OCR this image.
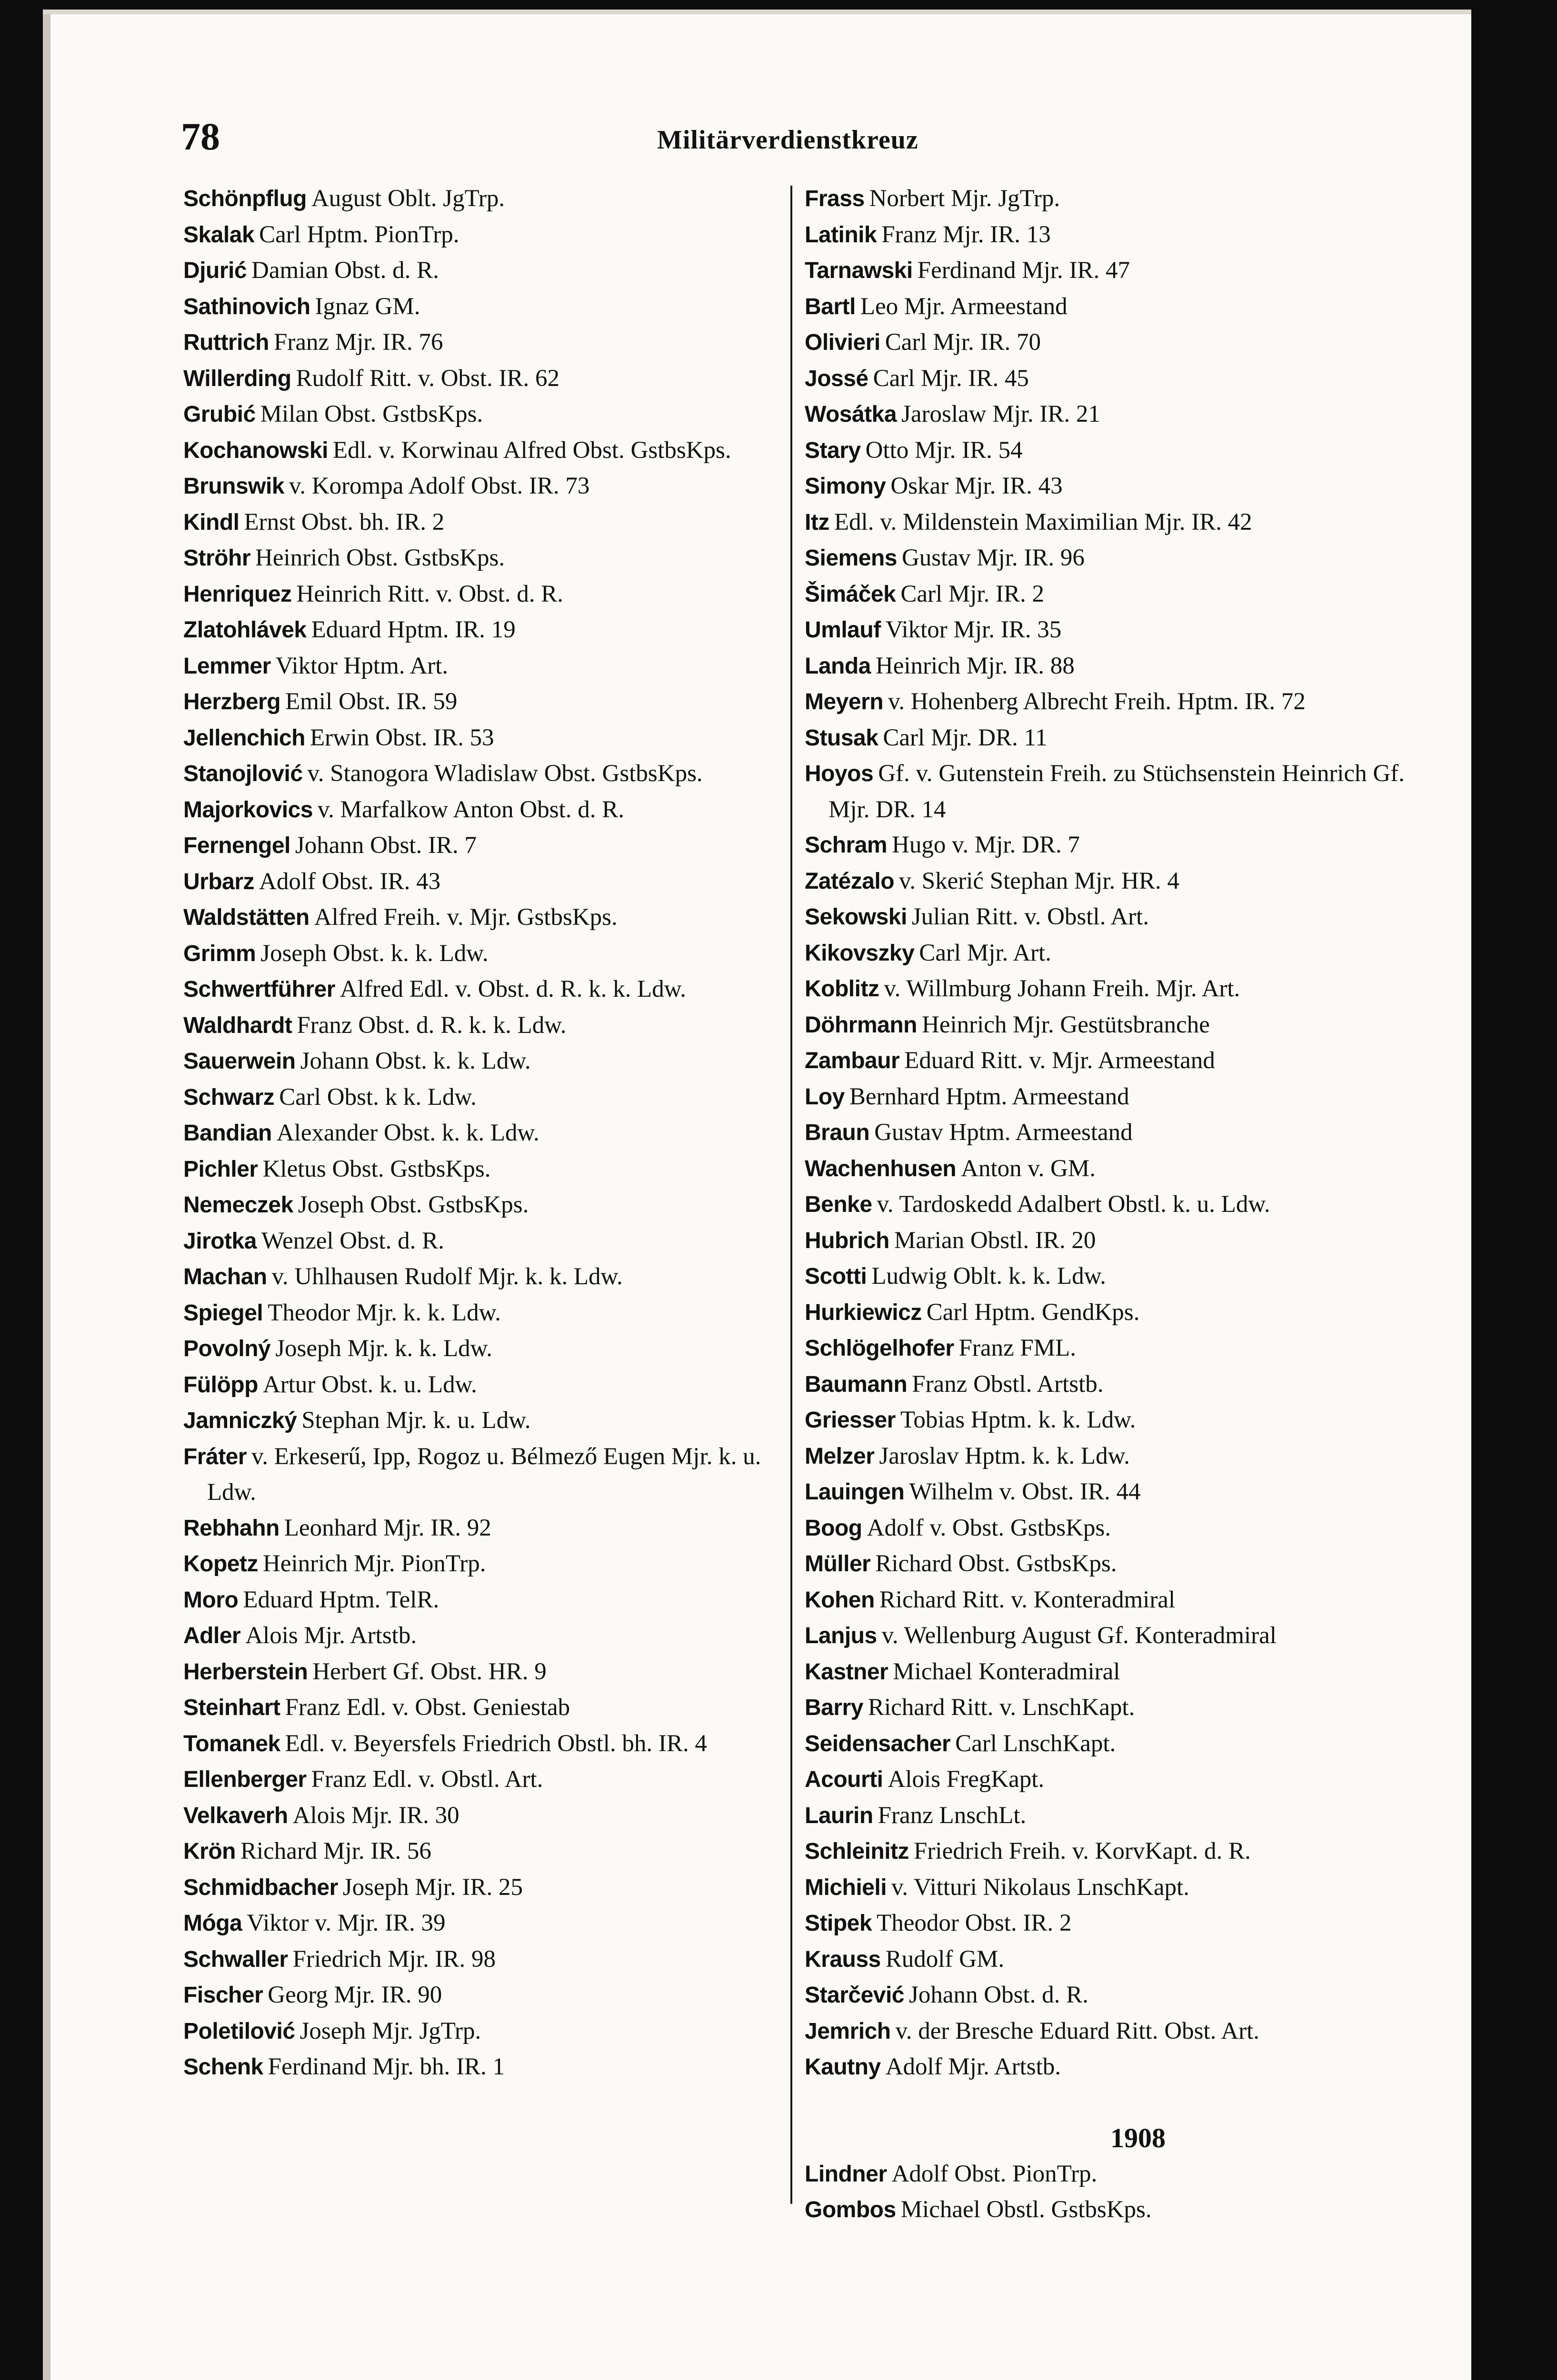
78	Militärverdienstkreuz
Schönpflug August Oblt. JgTrp.
Skalak Carl Hptm. PionTrp.
Djurić Damian Obst. d. R.
Sathinovich Ignaz GM.
Ruttrich Franz Mjr. IR. 76
Willerding Rudolf Ritt. v. Obst. IR. 62
Grubić Milan Obst. GstbsKps.
Kochanowski Edl. v. Korwinau Alfred Obst. GstbsKps.
Brunswik v. Korompa Adolf Obst. IR. 73
Kindl Ernst Obst. bh. IR. 2
Ströhr Heinrich Obst. GstbsKps.
Henriquez Heinrich Ritt. v. Obst. d. R.
Zlatohlávek Eduard Hptm. IR. 19
Lemmer Viktor Hptm. Art.
Herzberg Emil Obst. IR. 59
Jellenchich Erwin Obst. IR. 53
Stanojlović v. Stanogora Wladislaw Obst. GstbsKps.
Majorkovics v. Marfalkow Anton Obst. d. R.
Fernengel Johann Obst. IR. 7
Urbarz Adolf Obst. IR. 43
Waldstätten Alfred Freih. v. Mjr. GstbsKps.
Grimm Joseph Obst. k. k. Ldw.
Schwertführer Alfred Edl. v. Obst. d. R. k. k. Ldw.
Waldhardt Franz Obst. d. R. k. k. Ldw.
Sauerwein Johann Obst. k. k. Ldw.
Schwarz Carl Obst. k k. Ldw.
Bandian Alexander Obst. k. k. Ldw.
Pichler Kletus Obst. GstbsKps.
Nemeczek Joseph Obst. GstbsKps.
Jirotka Wenzel Obst. d. R.
Machan v. Uhlhausen Rudolf Mjr. k. k. Ldw.
Spiegel Theodor Mjr. k. k. Ldw.
Povolný Joseph Mjr. k. k. Ldw.
Fülöpp Artur Obst. k. u. Ldw.
Jamniczký Stephan Mjr. k. u. Ldw.
Fráter v. Erkeserű, Ipp, Rogoz u. Bélmező Eugen Mjr. k. u. Ldw.
Rebhahn Leonhard Mjr. IR. 92
Kopetz Heinrich Mjr. PionTrp.
Moro Eduard Hptm. TelR.
Adler Alois Mjr. Artstb.
Herberstein Herbert Gf. Obst. HR. 9
Steinhart Franz Edl. v. Obst. Geniestab
Tomanek Edl. v. Beyersfels Friedrich Obstl. bh. IR. 4
Ellenberger Franz Edl. v. Obstl. Art.
Velkaverh Alois Mjr. IR. 30
Krön Richard Mjr. IR. 56
Schmidbacher Joseph Mjr. IR. 25
Móga Viktor v. Mjr. IR. 39
Schwaller Friedrich Mjr. IR. 98
Fischer Georg Mjr. IR. 90
Poletilović Joseph Mjr. JgTrp.
Schenk Ferdinand Mjr. bh. IR. 1
Frass Norbert Mjr. JgTrp.
Latinik Franz Mjr. IR. 13
Tarnawski Ferdinand Mjr. IR. 47
Bartl Leo Mjr. Armeestand
Olivieri Carl Mjr. IR. 70
Jossé Carl Mjr. IR. 45
Wosátka Jaroslaw Mjr. IR. 21
Stary Otto Mjr. IR. 54
Simony Oskar Mjr. IR. 43
Itz Edl. v. Mildenstein Maximilian Mjr. IR. 42
Siemens Gustav Mjr. IR. 96
Šimáček Carl Mjr. IR. 2
Umlauf Viktor Mjr. IR. 35
Landa Heinrich Mjr. IR. 88
Meyern v. Hohenberg Albrecht Freih. Hptm. IR. 72
Stusak Carl Mjr. DR. 11
Hoyos Gf. v. Gutenstein Freih. zu Stüchsenstein Heinrich Gf. Mjr. DR. 14
Schram Hugo v. Mjr. DR. 7
Zatézalo v. Skerić Stephan Mjr. HR. 4
Sekowski Julian Ritt. v. Obstl. Art.
Kikovszky Carl Mjr. Art.
Koblitz v. Willmburg Johann Freih. Mjr. Art.
Döhrmann Heinrich Mjr. Gestütsbranche
Zambaur Eduard Ritt. v. Mjr. Armeestand
Loy Bernhard Hptm. Armeestand
Braun Gustav Hptm. Armeestand
Wachenhusen Anton v. GM.
Benke v. Tardoskedd Adalbert Obstl. k. u. Ldw.
Hubrich Marian Obstl. IR. 20
Scotti Ludwig Oblt. k. k. Ldw.
Hurkiewicz Carl Hptm. GendKps.
Schlögelhofer Franz FML.
Baumann Franz Obstl. Artstb.
Griesser Tobias Hptm. k. k. Ldw.
Melzer Jaroslav Hptm. k. k. Ldw.
Lauingen Wilhelm v. Obst. IR. 44
Boog Adolf v. Obst. GstbsKps.
Müller Richard Obst. GstbsKps.
Kohen Richard Ritt. v. Konteradmiral
Lanjus v. Wellenburg August Gf. Konteradmiral
Kastner Michael Konteradmiral
Barry Richard Ritt. v. LnschKapt.
Seidensacher Carl LnschKapt.
Acourti Alois FregKapt.
Laurin Franz LnschLt.
Schleinitz Friedrich Freih. v. KorvKapt. d. R.
Michieli v. Vitturi Nikolaus LnschKapt.
Stipek Theodor Obst. IR. 2
Krauss Rudolf GM.
Starčević Johann Obst. d. R.
Jemrich v. der Bresche Eduard Ritt. Obst. Art.
Kautny Adolf Mjr. Artstb.
1908
Lindner Adolf Obst. PionTrp.
Gombos Michael Obstl. GstbsKps.
